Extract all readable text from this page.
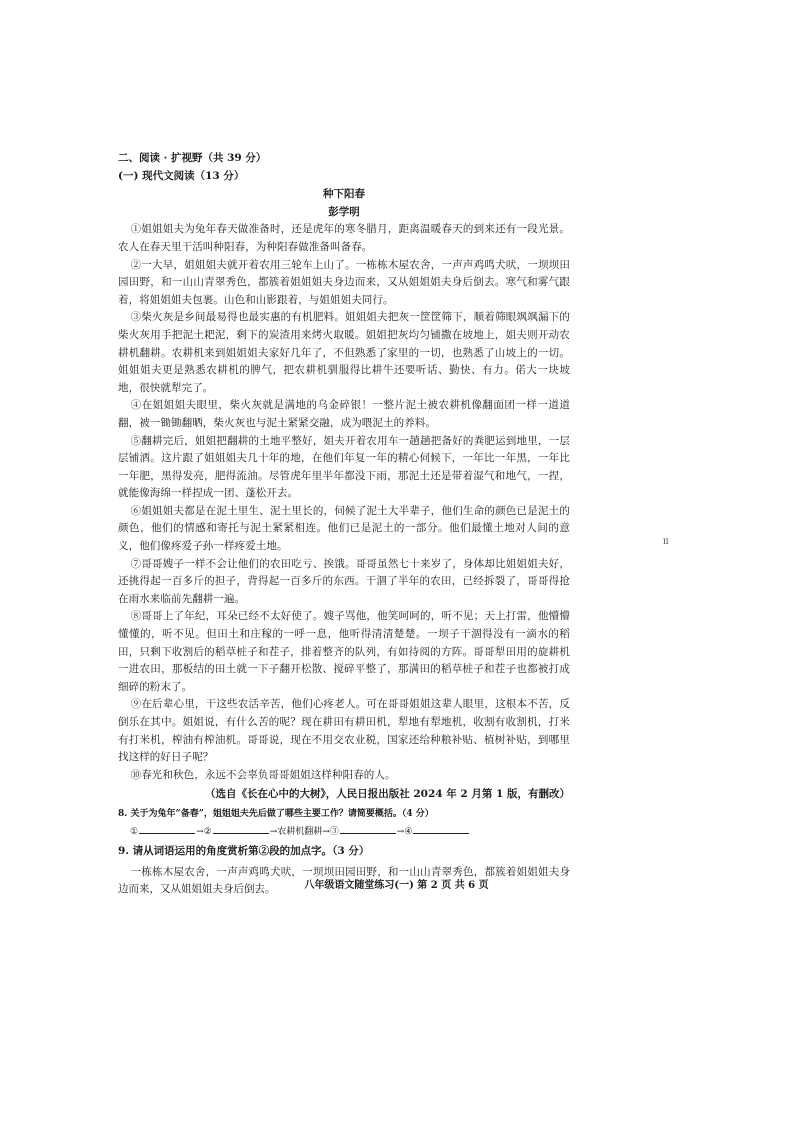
二、阅读 · 扩视野（共 39 分）

(一) 现代文阅读（13 分）

种下阳春

彭学明

①姐姐姐夫为兔年春天做准备时，还是虎年的寒冬腊月，距离温暖春天的到来还有一段光景。农人在春天里干活叫种阳春，为种阳春做准备叫备春。

②一大早，姐姐姐夫就开着农用三轮车上山了。一栋栋木屋农舍，一声声鸡鸣犬吠，一坝坝田园田野，和一山山青翠秀色，都簇着姐姐姐夫身边而来，又从姐姐姐夫身后倒去。寒气和雾气跟着，将姐姐姐夫包裹。山色和山影跟着，与姐姐姐夫同行。

③柴火灰是乡间最易得也最实惠的有机肥料。姐姐姐夫把灰一筐筐筛下，顺着筛眼飒飒漏下的柴火灰用手把泥土耙泥，剩下的炭渣用来烤火取暖。姐姐把灰均匀铺撒在坡地上，姐夫则开动农耕机翻耕。农耕机来到姐姐姐夫家好几年了，不但熟悉了家里的一切，也熟悉了山坡上的一切。姐姐姐夫更是熟悉农耕机的脾气，把农耕机驯服得比耕牛还要听话、勤快、有力。偌大一块坡地，很快就犁完了。

④在姐姐姐夫眼里，柴火灰就是满地的乌金碎银！一整片泥土被农耕机像翻面团一样一道道翻，被一锄锄翻晒，柴火灰也与泥土紧紧交融，成为喂泥土的养料。

⑤翻耕完后，姐姐把翻耕的土地平整好，姐夫开着农用车一趟趟把备好的粪肥运到地里，一层层铺洒。这片跟了姐姐姐夫几十年的地，在他们年复一年的精心伺候下，一年比一年黑，一年比一年肥，黑得发亮，肥得流油。尽管虎年里半年都没下雨，那泥土还是带着湿气和地气，一捏，就能像海绵一样捏成一团、蓬松开去。

⑥姐姐姐夫都是在泥土里生、泥土里长的，伺候了泥土大半辈子，他们生命的颜色已是泥土的颜色，他们的情感和寄托与泥土紧紧相连。他们已是泥土的一部分。他们最懂土地对人间的意义，他们像疼爱子孙一样疼爱土地。

⑦哥哥嫂子一样不会让他们的农田吃亏、挨饿。哥哥虽然七十来岁了，身体却比姐姐姐夫好，还挑得起一百多斤的担子，背得起一百多斤的东西。干涸了半年的农田，已经拆裂了，哥哥得抢在雨水来临前先翻耕一遍。

⑧哥哥上了年纪，耳朵已经不太好使了。嫂子骂他，他笑呵呵的，听不见；天上打雷，他懵懵懂懂的，听不见。但田土和庄稼的一呼一息，他听得清清楚楚。一坝子干涸得没有一滴水的稻田，只剩下收割后的稻草桩子和茬子，排着整齐的队列，有如待阅的方阵。哥哥犁田用的旋耕机一进农田，那板结的田土就一下子翻开松散、搅碎平整了，那满田的稻草桩子和茬子也都被打成细碎的粉末了。

⑨在后辈心里，干这些农活辛苦，他们心疼老人。可在哥哥姐姐这辈人眼里，这根本不苦，反倒乐在其中。姐姐说，有什么苦的呢？现在耕田有耕田机，犁地有犁地机，收割有收割机，打米有打米机，榨油有榨油机。哥哥说，现在不用交农业税，国家还给种粮补贴、植树补贴，到哪里找这样的好日子呢？

⑩春光和秋色，永远不会辜负哥哥姐姐这样种阳春的人。

（选自《长在心中的大树》，人民日报出版社 2024 年 2 月第 1 版，有删改）

8. 关于为兔年“备春”，姐姐姐夫先后做了哪些主要工作？请简要概括。（4 分）

①	→②	→农耕机翻耕→③	→④

9. 请从词语运用的角度赏析第②段的加点字。（3 分）

一栋栋木屋农舍，一声声鸡鸣犬吠，一坝坝田园田野，和一山山青翠秀色，都簇着姐姐姐夫身边而来，又从姐姐姐夫身后倒去。

II
八年级语文随堂练习(一) 第 2 页 共 6 页
